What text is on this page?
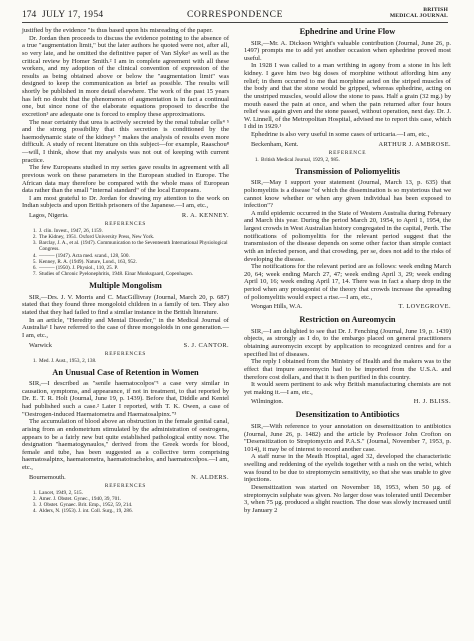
174 JULY 17, 1954	CORRESPONDENCE	BRITISH
MEDICAL JOURNAL

justified by the evidence "is thus based upon his misreading of the paper.

Dr. Jordan then proceeds to discuss the evidence pointing to the absence of a true "augmentation limit," but the later authors he quoted were not, after all, so very late, and he omitted the definitive paper of Van Slyke¹ as well as the critical review by Homer Smith.² I am in complete agreement with all these workers, and my adoption of the clinical convention of expression of the results as being obtained above or below the "augmentation limit" was designed to keep the communication as brief as possible. The results will shortly be published in more detail elsewhere. The work of the past 15 years has left no doubt that the phenomenon of augmentation is in fact a continual one, but since none of the elaborate equations proposed to describe the excretion³ are adequate one is forced to employ these approximations.

The near certainty that urea is actively secreted by the renal tubular cells⁴ ⁵ and the strong possibility that this secretion is conditioned by the haemodynamic state of the kidney⁶ ⁷ makes the analysis of results even more difficult. A study of recent literature on this subject—for example, Raaschou⁸—will, I think, show that my analysis was not out of keeping with current practice.

The few Europeans studied in my series gave results in agreement with all previous work on these parameters in the European studied in Europe. The African data may therefore be compared with the whole mass of European data rather than the small "internal standard" of the local Europeans.

I am most grateful to Dr. Jordan for drawing my attention to the work on Indian subjects and upon British prisoners of the Japanese.—I am, etc.,

Lagos, Nigeria.	R. A. KENNEY.
REFERENCES
1. J. clin. Invest., 1947, 26, 1159.
2. The Kidney, 1951. Oxford University Press, New York.
3. Barclay, J. A., et al. (1947). Communication to the Seventeenth International Physiological Congress.
4. ——— (1947). Acta med. scand., 128, 500.
5. Kenney, R. A. (1949). Nature, Lond., 163, 952.
6. ——— (1950). J. Physiol., 110, 25. P.
7. Studies of Chronic Pyelonephritis, 1948. Einar Munksgaard, Copenhagen.
Multiple Mongolism

SIR,—Drs. J. V. Morris and C. MacGillivray (Journal, March 20, p. 687) stated that they found three mongoloid children in a family of ten. They also stated that they had failed to find a similar instance in the British literature.

In an article, "Heredity and Mental Disorder," in the Medical Journal of Australia¹ I have referred to the case of three mongoloids in one generation.—I am, etc.,

Warwick	S. J. CANTOR.
REFERENCES
1. Med. J. Aust., 1953, 2, 138.
An Unusual Case of Retention in Women

SIR,—I described as "senile haematocolpos"¹ a case very similar in causation, symptoms, and appearance, if not in treatment, to that reported by Dr. E. T. R. Holt (Journal, June 19, p. 1439). Before that, Diddle and Kentel had published such a case.² Later I reported, with T. K. Owen, a case of "Oestrogen-induced Haematometra and Haematosalpinx."³

The accumulation of blood above an obstruction in the female genital canal, arising from an endometrium stimulated by the administration of oestrogens, appears to be a fairly new but quite established pathological entity now. The designation "haematogynaulos," derived from the Greek words for blood, female and tube, has been suggested as a collective term comprising haematosalpinx, haematometra, haematotrachelos, and haematocolpos.—I am, etc.,

Bournemouth.	N. ALDERS.
REFERENCES
1. Lancet, 1949, 2, 515.
2. Amer. J. Obstet. Gynec., 1940, 39, 701.
3. J. Obstet. Gynaec. Brit. Emp., 1952, 59, 214.
4. Alders, N. (1953). J. int. Coll. Surg., 19, 286.
Ephedrine and Urine Flow

SIR,—Mr. A. Dickson Wright's valuable contribution (Journal, June 26, p. 1497) prompts me to add yet another occasion when ephedrine proved most useful.

In 1928 I was called to a man writhing in agony from a stone in his left kidney. I gave him two big doses of morphine without affording him any relief; in them occurred to me that morphine acted on the striped muscles of the body and that the stone would be gripped, whereas ephedrine, acting on the unstriped muscles, would allow the stone to pass. Half a grain (32 mg.) by mouth eased the pain at once, and when the pain returned after four hours relief was again given and the stone passed, without operation, next day. Dr. J. W. Linnell, of the Metropolitan Hospital, advised me to report this case, which I did in 1929.¹

Ephedrine is also very useful in some cases of urticaria.—I am, etc.,

Beckenham, Kent.	ARTHUR J. AMBROSE.
REFERENCE
1. British Medical Journal, 1929, 2, 985.
Transmission of Poliomyelitis

SIR,—May I support your statement (Journal, March 13, p. 635) that poliomyelitis is a disease "of which the dissemination is so mysterious that we cannot know whether or when any given individual has been exposed to infection"?

A mild epidemic occurred in the State of Western Australia during February and March this year. During the period March 20, 1954, to April 1, 1954, the largest crowds in West Australian history congregated in the capital, Perth. The notifications of poliomyelitis for the relevant period suggest that the transmission of the disease depends on some other factor than simple contact with an infected person, and that crowding, per se, does not add to the risks of developing the disease.

The notifications for the relevant period are as follows: week ending March 20, 64; week ending March 27, 47; week ending April 3, 29; week ending April 10, 16; week ending April 17, 14. There was in fact a sharp drop in the period when any protagonist of the theory that crowds increase the spreading of poliomyelitis would expect a rise.—I am, etc.,

Wongan Hills, W.A.	T. LOVEGROVE.
Restriction on Aureomycin

SIR,—I am delighted to see that Dr. J. Fenching (Journal, June 19, p. 1439) objects, as strongly as I do, to the embargo placed on general practitioners obtaining aureomycin except by application to recognized centres and for a specified list of diseases.

The reply I obtained from the Ministry of Health and the makers was to the effect that impure aureomycin had to be imported from the U.S.A. and therefore cost dollars, and that it is then purified in this country.

It would seem pertinent to ask why British manufacturing chemists are not yet making it.—I am, etc.,

Wilmington.	H. J. BLISS.
Desensitization to Antibiotics

SIR,—With reference to your annotation on desensitization to antibiotics (Journal, June 26, p. 1482) and the article by Professor John Crofton on "Desensitization to Streptomycin and P.A.S." (Journal, November 7, 1953, p. 1014), it may be of interest to record another case.

A staff nurse in the Meath Hospital, aged 32, developed the characteristic swelling and reddening of the eyelids together with a rash on the wrist, which was found to be due to streptomycin sensitivity, so that she was unable to give injections.

Desensitization was started on November 18, 1953, when 50 µg. of streptomycin sulphate was given. No larger dose was tolerated until December 3, when 75 µg. produced a slight reaction. The dose was slowly increased until by January 2
